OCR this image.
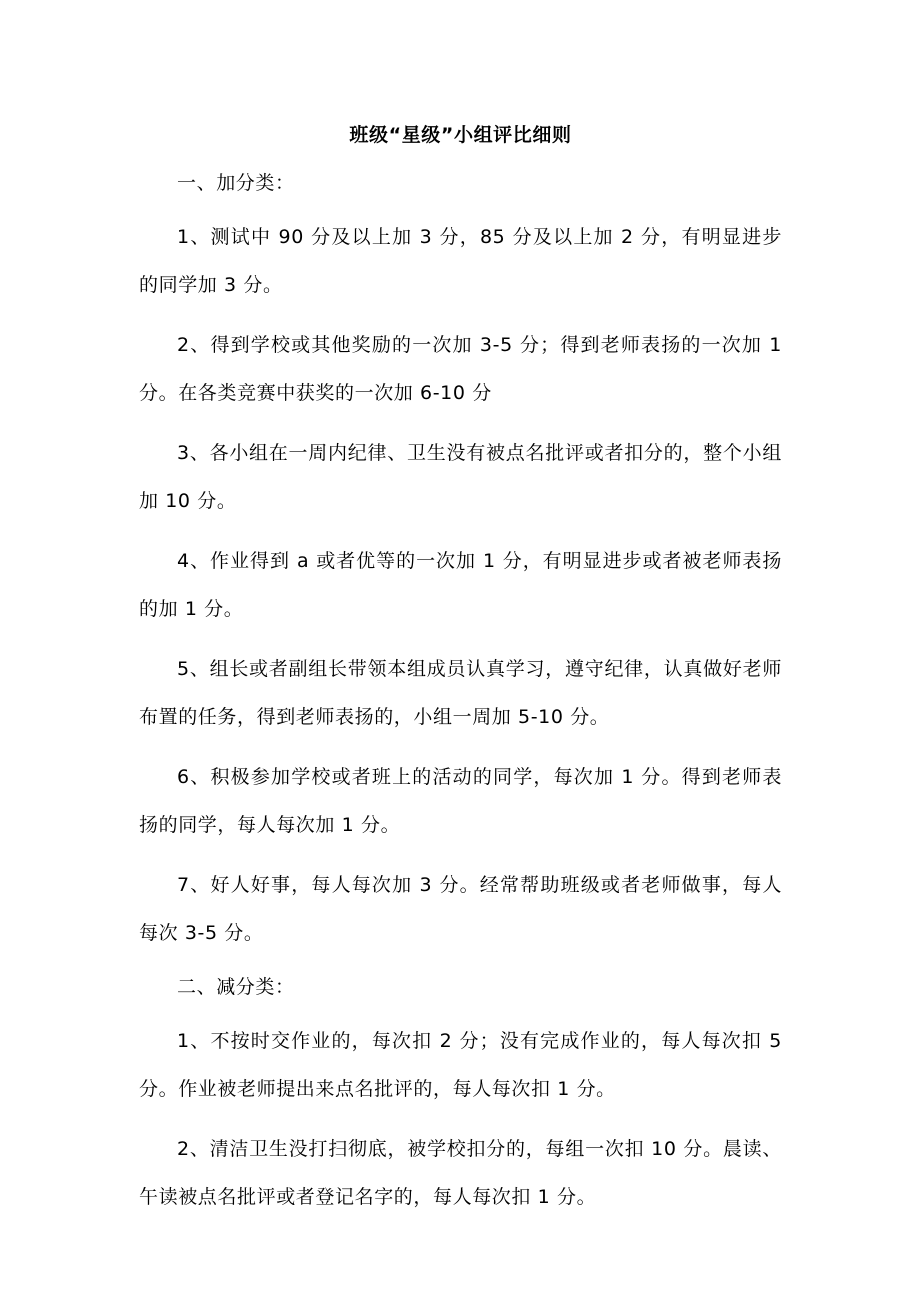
班级“星级”小组评比细则
一、加分类：
1、测试中 90 分及以上加 3 分，85 分及以上加 2 分，有明显进步的同学加 3 分。
2、得到学校或其他奖励的一次加 3-5 分；得到老师表扬的一次加 1 分。在各类竞赛中获奖的一次加 6-10 分
3、各小组在一周内纪律、卫生没有被点名批评或者扣分的，整个小组加 10 分。
4、作业得到 a 或者优等的一次加 1 分，有明显进步或者被老师表扬的加 1 分。
5、组长或者副组长带领本组成员认真学习，遵守纪律，认真做好老师布置的任务，得到老师表扬的，小组一周加 5-10 分。
6、积极参加学校或者班上的活动的同学，每次加 1 分。得到老师表扬的同学，每人每次加 1 分。
7、好人好事，每人每次加 3 分。经常帮助班级或者老师做事，每人每次 3-5 分。
二、减分类：
1、不按时交作业的，每次扣 2 分；没有完成作业的，每人每次扣 5 分。作业被老师提出来点名批评的，每人每次扣 1 分。
2、清洁卫生没打扫彻底，被学校扣分的，每组一次扣 10 分。晨读、午读被点名批评或者登记名字的，每人每次扣 1 分。
